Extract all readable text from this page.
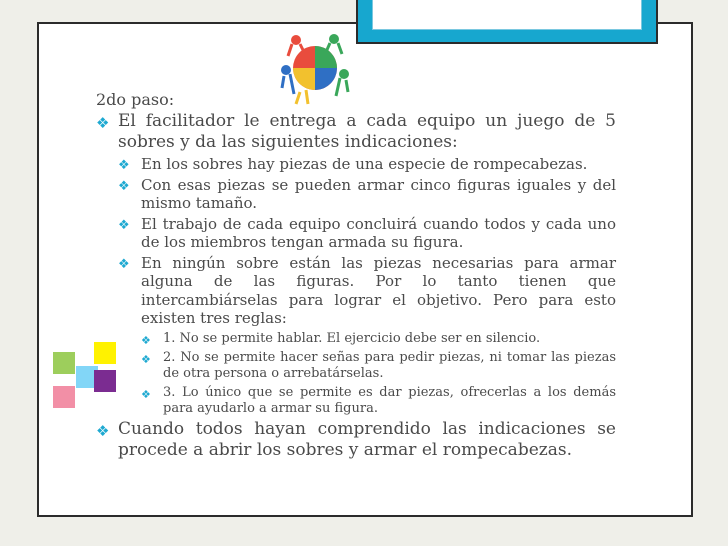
2do paso:
❖ El facilitador le entrega a cada equipo un juego de 5 sobres y da las siguientes indicaciones:
❖ En los sobres hay piezas de una especie de rompecabezas.
❖ Con esas piezas se pueden armar cinco figuras iguales y del mismo tamaño.
❖ El trabajo de cada equipo concluirá cuando todos y cada uno de los miembros tengan armada su figura.
❖ En ningún sobre están las piezas necesarias para armar alguna de las figuras. Por lo tanto tienen que intercambiárselas para lograr el objetivo. Pero para esto existen tres reglas:
❖ 1. No se permite hablar. El ejercicio debe ser en silencio.
❖ 2. No se permite hacer señas para pedir piezas, ni tomar las piezas de otra persona o arrebatárselas.
❖ 3. Lo único que se permite es dar piezas, ofrecerlas a los demás para ayudarlo a armar su figura.
❖ Cuando todos hayan comprendido las indicaciones se procede a abrir los sobres y armar el rompecabezas.
